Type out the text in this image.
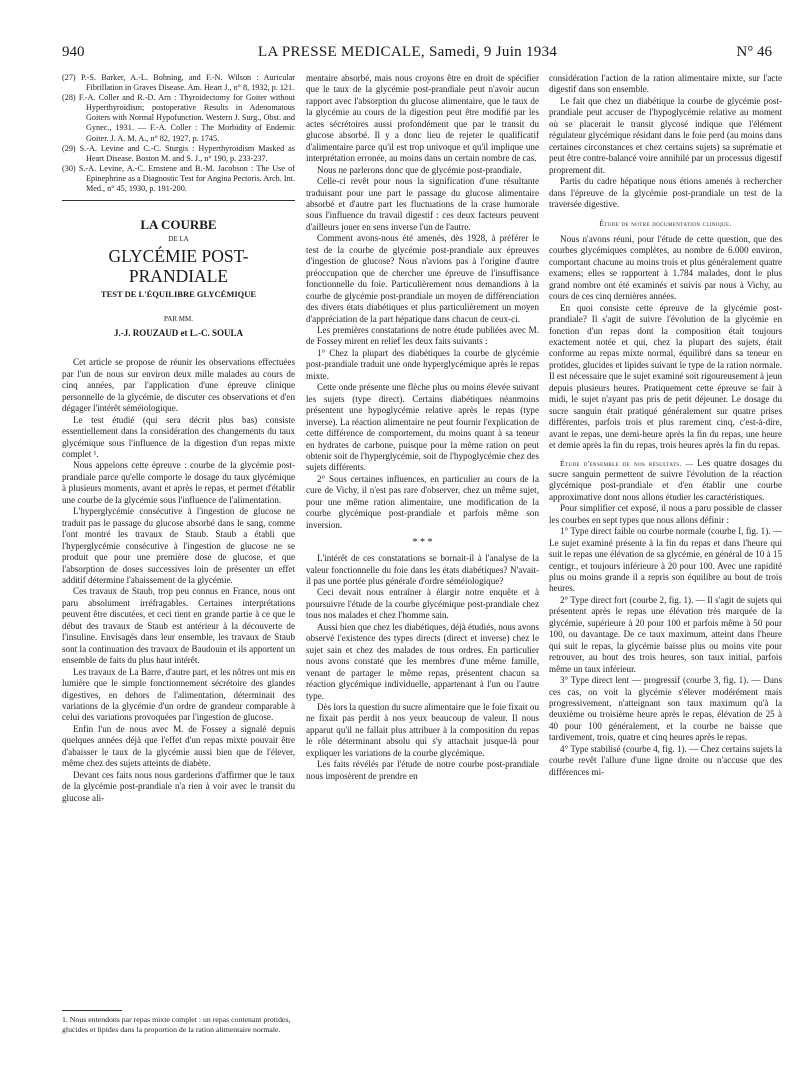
940	LA PRESSE MEDICALE, Samedi, 9 Juin 1934	N° 46

(27) P.-S. Barker, A.-L. Bohning, and F.-N. Wilson : Auricular Fibrillation in Graves Disease. Am. Heart J., n° 8, 1932, p. 121.

(28) F.-A. Coller and R.-D. Arn : Thyroidectomy for Goiter without Hyperthyroidism; postoperative Results in Adenomatous Goiters with Normal Hypofunction. Western J. Surg., Obst. and Gynec., 1931. — F.-A. Coller : The Morbidity of Endemic Goiter. J. A. M. A., n° 82, 1927, p. 1745.

(29) S.-A. Levine and C.-C. Sturgis : Hyperthyroidism Masked as Heart Disease. Boston M. and S. J., n° 190, p. 233-237.

(30) S.-A. Levine, A.-C. Ernstene and B.-M. Jacobson : The Use of Epinephrine as a Diagnostic Test for Angina Pectoris. Arch. Int. Med., n° 45, 1930, p. 191-200.

LA COURBE
DE LA
GLYCÉMIE POST-PRANDIALE
TEST DE L'ÉQUILIBRE GLYCÉMIQUE
PAR MM.
J.-J. ROUZAUD et L.-C. SOULA

Cet article se propose de réunir les observations effectuées par l'un de nous sur environ deux mille malades au cours de cinq années, par l'application d'une épreuve clinique personnelle de la glycémie, de discuter ces observations et d'en dégager l'intérêt séméiologique.

Le test étudié (qui sera décrit plus bas) consiste essentiellement dans la considération des changements du taux glycémique sous l'influence de la digestion d'un repas mixte complet ¹.

Nous appelons cette épreuve : courbe de la glycémie post-prandiale parce qu'elle comporte le dosage du taux glycémique à plusieurs moments, avant et après le repas, et permet d'établir une courbe de la glycémie sous l'influence de l'alimentation.

L'hyperglycémie consécutive à l'ingestion de glucose ne traduit pas le passage du glucose absorbé dans le sang, comme l'ont montré les travaux de Staub. Staub a établi que l'hyperglycémie consécutive à l'ingestion de glucose ne se produit que pour une première dose de glucose, et que l'absorption de doses successives loin de présenter un effet additif détermine l'abaissement de la glycémie.

Ces travaux de Staub, trop peu connus en France, nous ont paru absolument irréfragables. Certaines interprétations peuvent être discutées, et ceci tient en grande partie à ce que le début des travaux de Staub est antérieur à la découverte de l'insuline. Envisagés dans leur ensemble, les travaux de Staub sont la continuation des travaux de Baudouin et ils apportent un ensemble de faits du plus haut intérêt.

Les travaux de La Barre, d'autre part, et les nôtres ont mis en lumière que le simple fonctionnement sécrétoire des glandes digestives, en dehors de l'alimentation, déterminait des variations de la glycémie d'un ordre de grandeur comparable à celui des variations provoquées par l'ingestion de glucose.

Enfin l'un de nous avec M. de Fossey a signalé depuis quelques années déjà que l'effet d'un repas mixte pouvait être d'abaisser le taux de la glycémie aussi bien que de l'élever, même chez des sujets atteints de diabète.

Devant ces faits nous nous garderions d'affirmer que le taux de la glycémie post-prandiale n'a rien à voir avec le transit du glucose ali-

1. Nous entendons par repas mixte complet : un repas contenant protides, glucides et lipides dans la proportion de la ration alimentaire normale.

mentaire absorbé, mais nous croyons être en droit de spécifier que le taux de la glycémie post-prandiale peut n'avoir aucun rapport avec l'absorption du glucose alimentaire, que le taux de la glycémie au cours de la digestion peut être modifié par les actes sécrétoires aussi profondément que par le transit du glucose absorbé. Il y a donc lieu de rejeter le qualificatif d'alimentaire parce qu'il est trop univoque et qu'il implique une interprétation erronée, au moins dans un certain nombre de cas.

Nous ne parlerons donc que de glycémie post-prandiale.

Celle-ci revêt pour nous la signification d'une résultante traduisant pour une part le passage du glucose alimentaire absorbé et d'autre part les fluctuations de la crase humorale sous l'influence du travail digestif : ces deux facteurs peuvent d'ailleurs jouer en sens inverse l'un de l'autre.

Comment avons-nous été amenés, dès 1928, à préférer le test de la courbe de glycémie post-prandiale aux épreuves d'ingestion de glucose? Nous n'avions pas à l'origine d'autre préoccupation que de chercher une épreuve de l'insuffisance fonctionnelle du foie. Particulièrement nous demandions à la courbe de glycémie post-prandiale un moyen de différenciation des divers états diabétiques et plus particulièrement un moyen d'appréciation de la part hépatique dans chacun de ceux-ci.

Les premières constatations de notre étude publiées avec M. de Fossey mirent en relief les deux faits suivants :

1° Chez la plupart des diabétiques la courbe de glycémie post-prandiale traduit une onde hyperglycémique après le repas mixte.

Cette onde présente une flèche plus ou moins élevée suivant les sujets (type direct). Certains diabétiques néanmoins présentent une hypoglycémie relative après le repas (type inverse). La réaction alimentaire ne peut fournir l'explication de cette différence de comportement, du moins quant à sa teneur en hydrates de carbone, puisque pour la même ration on peut obtenir soit de l'hyperglycémie, soit de l'hypoglycémie chez des sujets différents.

2° Sous certaines influences, en particulier au cours de la cure de Vichy, il n'est pas rare d'observer, chez un même sujet, pour une même ration alimentaire, une modification de la courbe glycémique post-prandiale et parfois même son inversion.

* * *

L'intérêt de ces constatations se bornait-il à l'analyse de la valeur fonctionnelle du foie dans les états diabétiques? N'avait-il pas une portée plus générale d'ordre séméiologique?

Ceci devait nous entraîner à élargir notre enquête et à poursuivre l'étude de la courbe glycémique post-prandiale chez tous nos malades et chez l'homme sain.

Aussi bien que chez les diabétiques, déjà étudiés, nous avons observé l'existence des types directs (direct et inverse) chez le sujet sain et chez des malades de tous ordres. En particulier nous avons constaté que les membres d'une même famille, venant de partager le même repas, présentent chacun sa réaction glycémique individuelle, appartenant à l'un ou l'autre type.

Dès lors la question du sucre alimentaire que le foie fixait ou ne fixait pas perdit à nos yeux beaucoup de valeur. Il nous apparut qu'il ne fallait plus attribuer à la composition du repas le rôle déterminant absolu qui s'y attachait jusque-là pour expliquer les variations de la courbe glycémique.

Les faits révélés par l'étude de notre courbe post-prandiale nous imposèrent de prendre en

considération l'action de la ration alimentaire mixte, sur l'acte digestif dans son ensemble.

Le fait que chez un diabétique la courbe de glycémie post-prandiale peut accuser de l'hypoglycémie relative au moment où se placerait le transit glycosé indique que l'élément régulateur glycémique résidant dans le foie perd (au moins dans certaines circonstances et chez certains sujets) sa suprématie et peut être contre-balancé voire annihilé par un processus digestif proprement dit.

Partis du cadre hépatique nous étions amenés à rechercher dans l'épreuve de la glycémie post-prandiale un test de la traversée digestive.

Étude de notre documentation clinique.

Nous n'avons réuni, pour l'étude de cette question, que des courbes glycémiques complètes, au nombre de 6.000 environ, comportant chacune au moins trois et plus généralement quatre examens; elles se rapportent à 1.784 malades, dont le plus grand nombre ont été examinés et suivis par nous à Vichy, au cours de ces cinq dernières années.

En quoi consiste cette épreuve de la glycémie post-prandiale? Il s'agit de suivre l'évolution de la glycémie en fonction d'un repas dont la composition était toujours exactement notée et qui, chez la plupart des sujets, était conforme au repas mixte normal, équilibré dans sa teneur en protides, glucides et lipides suivant le type de la ration normale. Il est nécessaire que le sujet examiné soit rigoureusement à jeun depuis plusieurs heures. Pratiquement cette épreuve se fait à midi, le sujet n'ayant pas pris de petit déjeuner. Le dosage du sucre sanguin était pratiqué généralement sur quatre prises différentes, parfois trois et plus rarement cinq, c'est-à-dire, avant le repas, une demi-heure après la fin du repas, une heure et demie après la fin du repas, trois heures après la fin du repas.

Étude d'ensemble de nos résultats. — Les quatre dosages du sucre sanguin permettent de suivre l'évolution de la réaction glycémique post-prandiale et d'en établir une courbe approximative dont nous allons étudier les caractéristiques.

Pour simplifier cet exposé, il nous a paru possible de classer les courbes en sept types que nous allons définir :

1° Type direct faible ou courbe normale (courbe I, fig. 1). — Le sujet examiné présente à la fin du repas et dans l'heure qui suit le repas une élévation de sa glycémie, en général de 10 à 15 centigr., et toujours inférieure à 20 pour 100. Avec une rapidité plus ou moins grande il a repris son équilibre au bout de trois heures.

2° Type direct fort (courbe 2, fig. 1). — Il s'agit de sujets qui présentent après le repas une élévation très marquée de la glycémie, supérieure à 20 pour 100 et parfois même à 50 pour 100, ou davantage. De ce taux maximum, atteint dans l'heure qui suit le repas, la glycémie baisse plus ou moins vite pour retrouver, au bout des trois heures, son taux initial, parfois même un taux inférieur.

3° Type direct lent — progressif (courbe 3, fig. 1). — Dans ces cas, on voit la glycémie s'élever modérément mais progressivement, n'atteignant son taux maximum qu'à la deuxième ou troisième heure après le repas, élévation de 25 à 40 pour 100 généralement, et la courbe ne baisse que tardivement, trois, quatre et cinq heures après le repas.

4° Type stabilisé (courbe 4, fig. 1). — Chez certains sujets la courbe revêt l'allure d'une ligne droite ou n'accuse que des différences mi-
